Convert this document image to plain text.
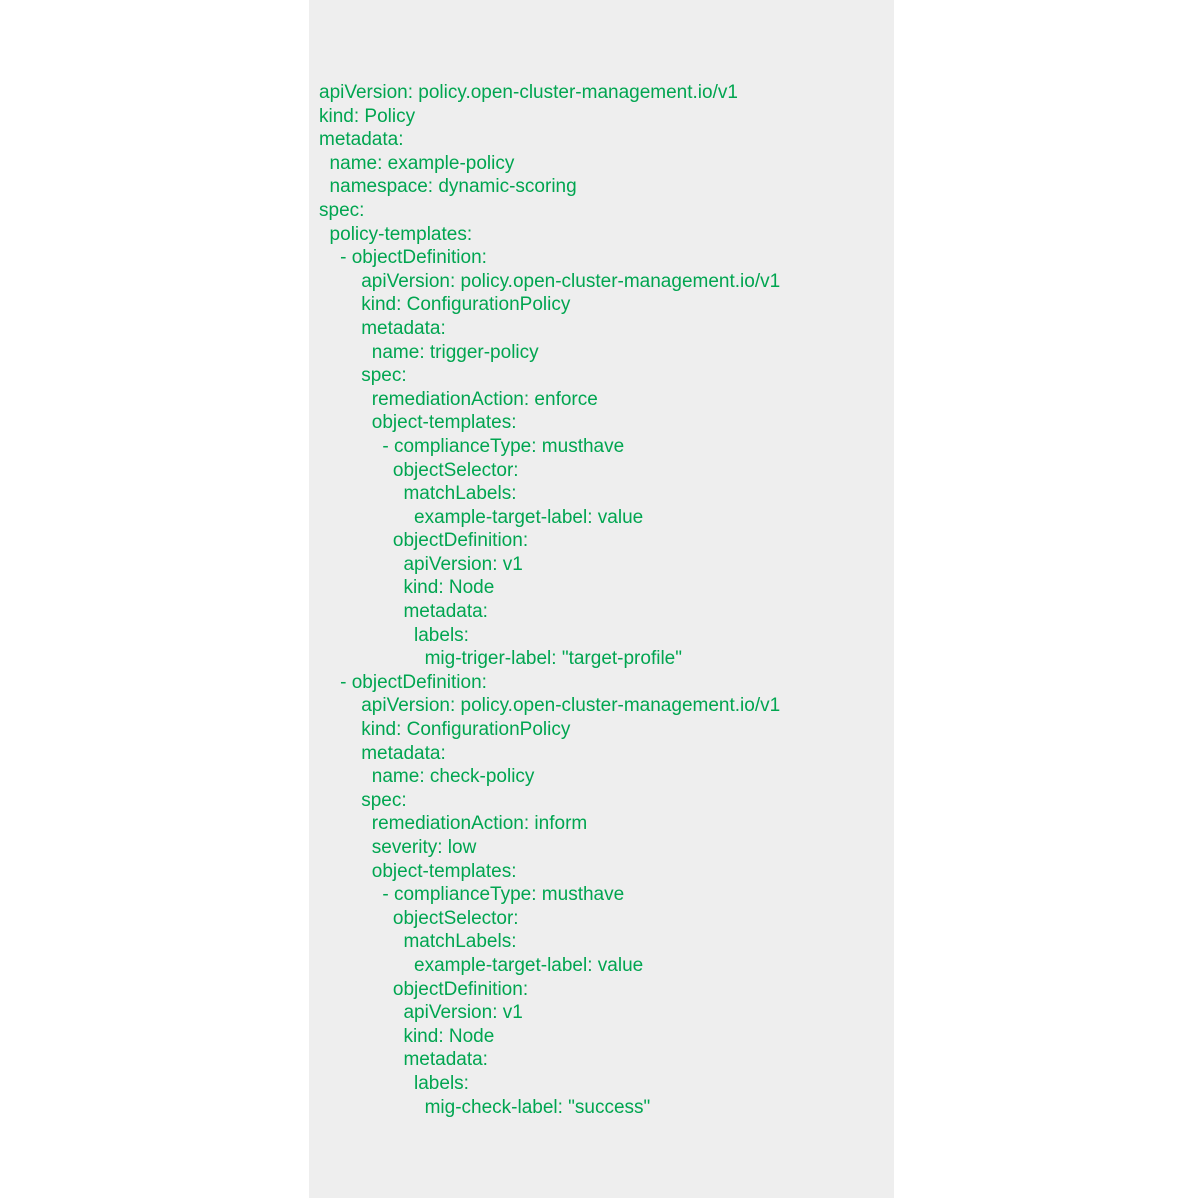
apiVersion: policy.open-cluster-management.io/v1
kind: Policy
metadata:
name: example-policy
namespace: dynamic-scoring
spec:
policy-templates:
- objectDefinition:
apiVersion: policy.open-cluster-management.io/v1
kind: ConfigurationPolicy
metadata:
name: trigger-policy
spec:
remediationAction: enforce
object-templates:
- complianceType: musthave
objectSelector:
matchLabels:
example-target-label: value
objectDefinition:
apiVersion: v1
kind: Node
metadata:
labels:
mig-triger-label: "target-profile"
- objectDefinition:
apiVersion: policy.open-cluster-management.io/v1
kind: ConfigurationPolicy
metadata:
name: check-policy
spec:
remediationAction: inform
severity: low
object-templates:
- complianceType: musthave
objectSelector:
matchLabels:
example-target-label: value
objectDefinition:
apiVersion: v1
kind: Node
metadata:
labels:
mig-check-label: "success"
